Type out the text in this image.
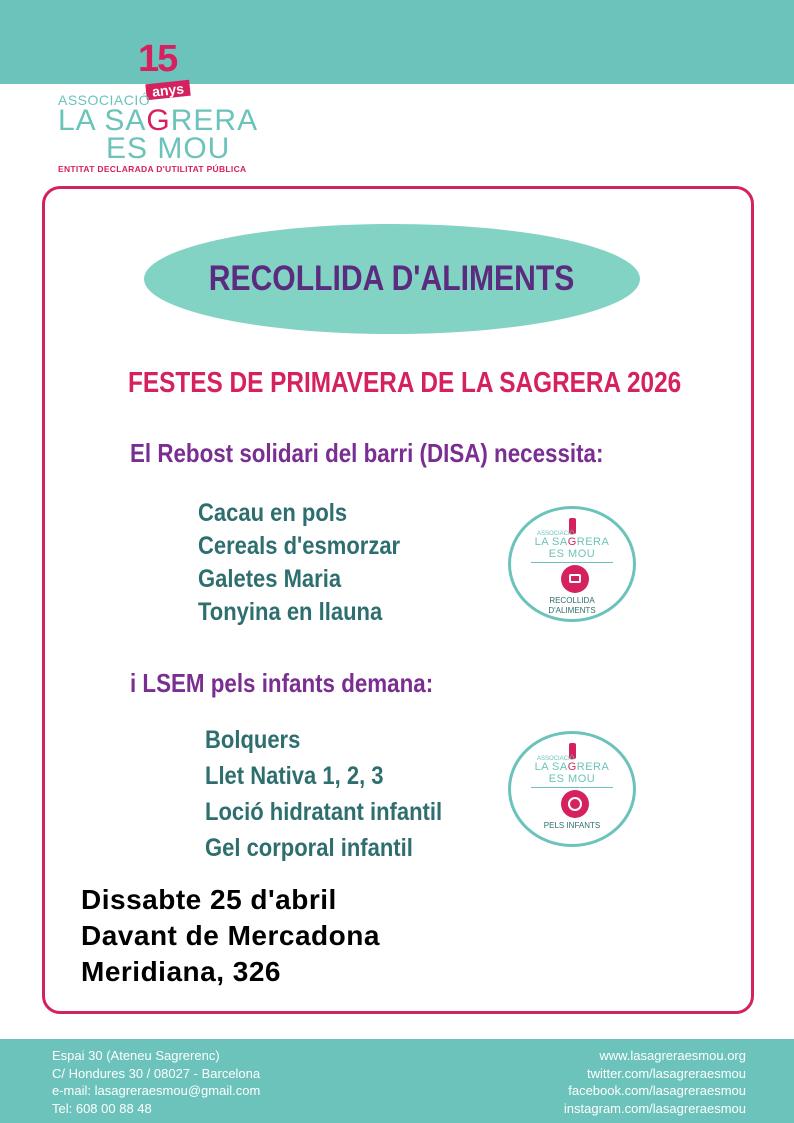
15
anys
ASSOCIACIÓ
LA SAGRERA
ES MOU
ENTITAT DECLARADA D'UTILITAT PÚBLICA
RECOLLIDA D'ALIMENTS
FESTES DE PRIMAVERA DE LA SAGRERA 2026
El Rebost solidari del barri (DISA) necessita:
Cacau en pols
Cereals d'esmorzar
Galetes Maria
Tonyina en llauna
ASSOCIACIÓ
LA SAGRERA
ES MOU
RECOLLIDA
D'ALIMENTS
i LSEM pels infants demana:
Bolquers
Llet Nativa 1, 2, 3
Loció hidratant infantil
Gel corporal infantil
ASSOCIACIÓ
LA SAGRERA
ES MOU
PELS INFANTS
Dissabte 25 d'abril
Davant de Mercadona
Meridiana, 326
Espai 30 (Ateneu Sagrerenc)
C/ Hondures 30 / 08027 - Barcelona
e-mail: lasagreraesmou@gmail.com
Tel: 608 00 88 48
www.lasagreraesmou.org
twitter.com/lasagreraesmou
facebook.com/lasagreraesmou
instagram.com/lasagreraesmou
